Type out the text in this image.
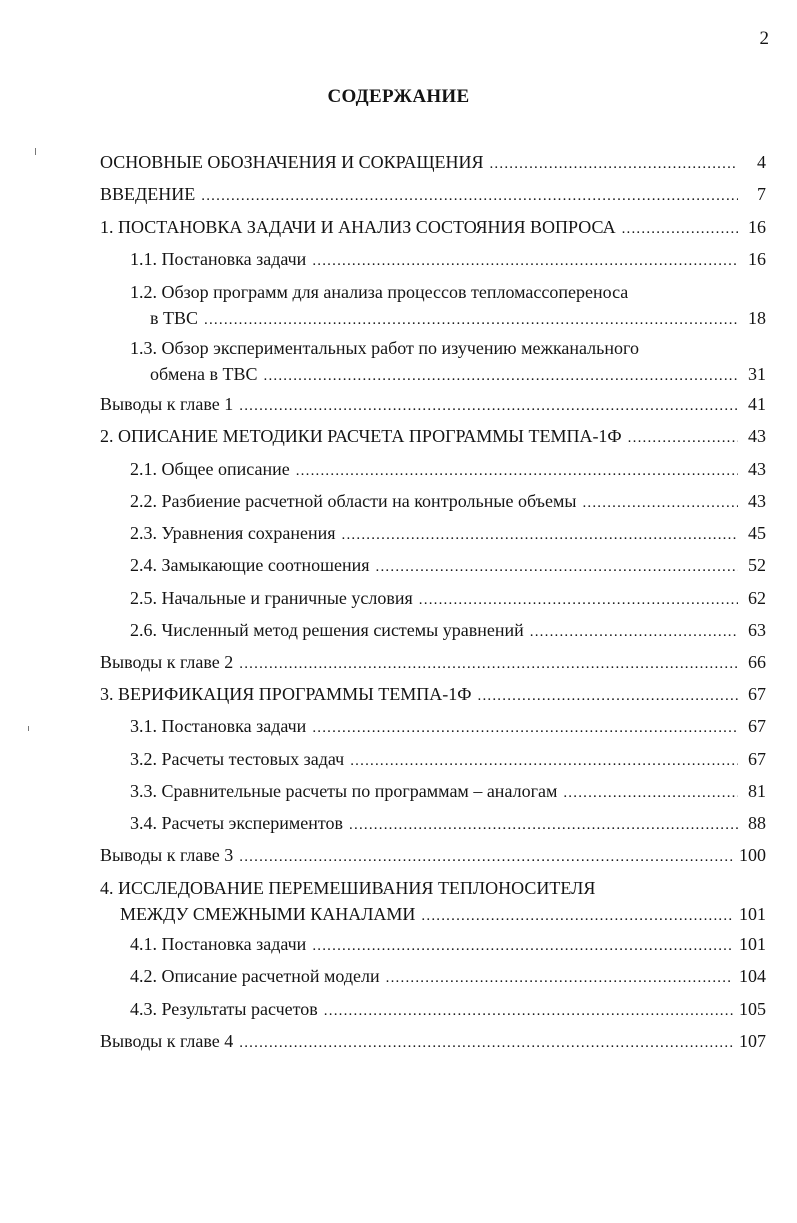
2
СОДЕРЖАНИЕ
ОСНОВНЫЕ ОБОЗНАЧЕНИЯ И СОКРАЩЕНИЯ .....	4
ВВЕДЕНИЕ .....	7
1. ПОСТАНОВКА ЗАДАЧИ И АНАЛИЗ СОСТОЯНИЯ ВОПРОСА .....	16
1.1. Постановка задачи .....	16
1.2. Обзор программ для анализа процессов тепломассопереноса
в ТВС .....	18
1.3. Обзор экспериментальных работ по изучению межканального
обмена в ТВС .....	31
Выводы к главе 1 .....	41
2. ОПИСАНИЕ МЕТОДИКИ РАСЧЕТА ПРОГРАММЫ ТЕМПА-1Ф .....	43
2.1. Общее описание .....	43
2.2. Разбиение расчетной области на контрольные объемы .....	43
2.3. Уравнения сохранения .....	45
2.4. Замыкающие соотношения .....	52
2.5. Начальные и граничные условия .....	62
2.6. Численный метод решения системы уравнений .....	63
Выводы к главе 2 .....	66
3. ВЕРИФИКАЦИЯ ПРОГРАММЫ ТЕМПА-1Ф .....	67
3.1. Постановка задачи .....	67
3.2. Расчеты тестовых задач .....	67
3.3. Сравнительные расчеты по программам – аналогам .....	81
3.4. Расчеты экспериментов .....	88
Выводы к главе 3 .....	100
4. ИССЛЕДОВАНИЕ ПЕРЕМЕШИВАНИЯ ТЕПЛОНОСИТЕЛЯ
МЕЖДУ СМЕЖНЫМИ КАНАЛАМИ .....	101
4.1. Постановка задачи .....	101
4.2. Описание расчетной модели .....	104
4.3. Результаты расчетов .....	105
Выводы к главе 4 .....	107
